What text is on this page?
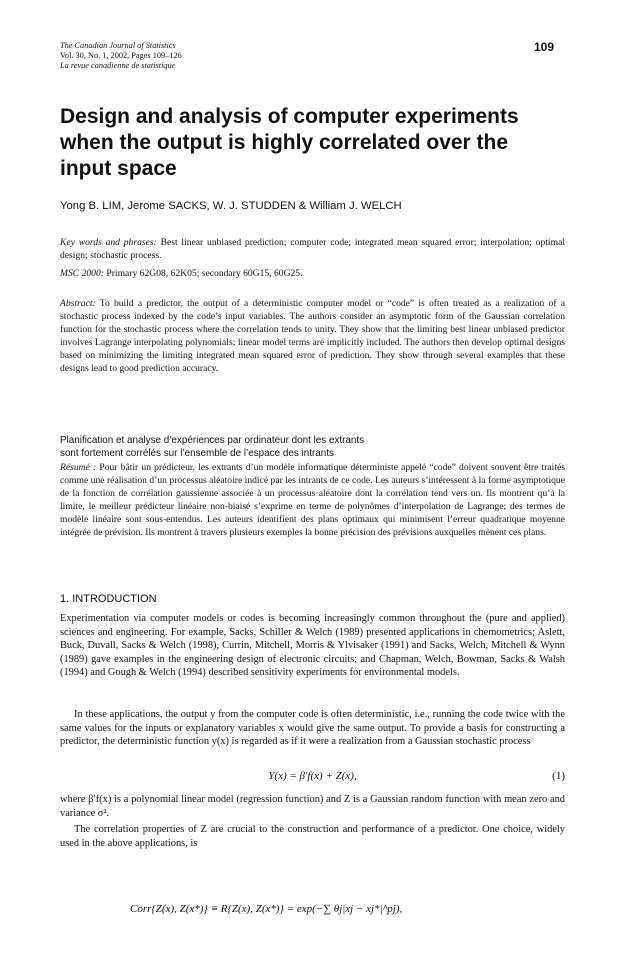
The Canadian Journal of Statistics
Vol. 30, No. 1, 2002, Pages 109–126
La revue canadienne de statistique
109
Design and analysis of computer experiments when the output is highly correlated over the input space
Yong B. LIM, Jerome SACKS, W. J. STUDDEN & William J. WELCH
Key words and phrases: Best linear unbiased prediction; computer code; integrated mean squared error; interpolation; optimal design; stochastic process.
MSC 2000: Primary 62G08, 62K05; secondary 60G15, 60G25.
Abstract: To build a predictor, the output of a deterministic computer model or “code” is often treated as a realization of a stochastic process indexed by the code’s input variables. The authors consider an asymptotic form of the Gaussian correlation function for the stochastic process where the correlation tends to unity. They show that the limiting best linear unbiased predictor involves Lagrange interpolating polynomials; linear model terms are implicitly included. The authors then develop optimal designs based on minimizing the limiting integrated mean squared error of prediction. They show through several examples that these designs lead to good prediction accuracy.
Planification et analyse d’expériences par ordinateur dont les extrants
sont fortement corrélés sur l’ensemble de l’espace des intrants
Résumé : Pour bâtir un prédicteur, les extrants d’un modèle informatique déterministe appelé “code” doivent souvent être traités comme une réalisation d’un processus aléatoire indicé par les intrants de ce code. Les auteurs s’intéressent à la forme asymptotique de la fonction de corrélation gaussienne associée à un processus aléatoire dont la corrélation tend vers un. Ils montrent qu’à la limite, le meilleur prédicteur linéaire non-biaisé s’exprime en terme de polynômes d’interpolation de Lagrange; des termes de modèle linéaire sont sous-entendus. Les auteurs identifient des plans optimaux qui minimisent l’erreur quadratique moyenne intégrée de prévision. Ils montrent à travers plusieurs exemples la bonne précision des prévisions auxquelles mènent ces plans.
1. INTRODUCTION
Experimentation via computer models or codes is becoming increasingly common throughout the (pure and applied) sciences and engineering. For example, Sacks, Schiller & Welch (1989) presented applications in chemometrics; Aslett, Buck, Duvall, Sacks & Welch (1998), Currin, Mitchell, Morris & Ylvisaker (1991) and Sacks, Welch, Mitchell & Wynn (1989) gave examples in the engineering design of electronic circuits; and Chapman, Welch, Bowman, Sacks & Walsh (1994) and Gough & Welch (1994) described sensitivity experiments for environmental models.
In these applications, the output y from the computer code is often deterministic, i.e., running the code twice with the same values for the inputs or explanatory variables x would give the same output. To provide a basis for constructing a predictor, the deterministic function y(x) is regarded as if it were a realization from a Gaussian stochastic process
Y(x) = β′f(x) + Z(x),	(1)
where β′f(x) is a polynomial linear model (regression function) and Z is a Gaussian random function with mean zero and variance σ².
The correlation properties of Z are crucial to the construction and performance of a predictor. One choice, widely used in the above applications, is
Corr{Z(x), Z(x*)} ≡ R{Z(x), Z(x*)} = exp(−∑ θj|xj − xj*|^pj),
